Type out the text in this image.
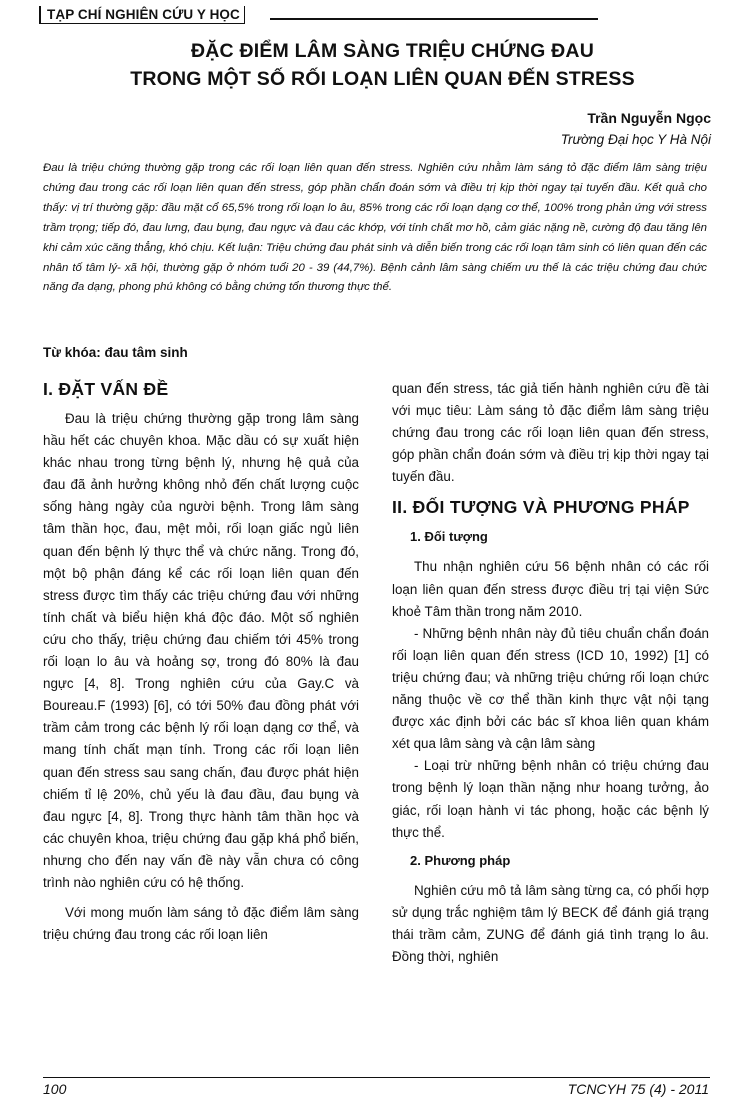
TẠP CHÍ NGHIÊN CỨU Y HỌC
ĐẶC ĐIỂM LÂM SÀNG TRIỆU CHỨNG ĐAU
TRONG MỘT SỐ RỐI LOẠN LIÊN QUAN ĐẾN STRESS
Trần Nguyễn Ngọc
Trường Đại học Y Hà Nội
Đau là triệu chứng thường gặp trong các rối loạn liên quan đến stress. Nghiên cứu nhằm làm sáng tỏ đặc điểm lâm sàng triệu chứng đau trong các rối loạn liên quan đến stress, góp phần chẩn đoán sớm và điều trị kịp thời ngay tại tuyến đầu. Kết quả cho thấy: vị trí thường gặp: đầu mặt cổ 65,5% trong rối loạn lo âu, 85% trong các rối loạn dạng cơ thể, 100% trong phản ứng với stress trầm trọng; tiếp đó, đau lưng, đau bụng, đau ngực và đau các khớp, với tính chất mơ hồ, cảm giác nặng nề, cường độ đau tăng lên khi cảm xúc căng thẳng, khó chịu. Kết luận: Triệu chứng đau phát sinh và diễn biến trong các rối loạn tâm sinh có liên quan đến các nhân tố tâm lý- xã hội, thường gặp ở nhóm tuổi 20 - 39 (44,7%). Bệnh cảnh lâm sàng chiếm ưu thế là các triệu chứng đau chức năng đa dạng, phong phú không có bằng chứng tổn thương thực thể.
Từ khóa: đau tâm sinh
I. ĐẶT VẤN ĐỀ

Đau là triệu chứng thường gặp trong lâm sàng hầu hết các chuyên khoa. Mặc dầu có sự xuất hiện khác nhau trong từng bệnh lý, nhưng hệ quả của đau đã ảnh hưởng không nhỏ đến chất lượng cuộc sống hàng ngày của người bệnh. Trong lâm sàng tâm thần học, đau, mệt mỏi, rối loạn giấc ngủ liên quan đến bệnh lý thực thể và chức năng. Trong đó, một bộ phận đáng kể các rối loạn liên quan đến stress được tìm thấy các triệu chứng đau với những tính chất và biểu hiện khá độc đáo. Một số nghiên cứu cho thấy, triệu chứng đau chiếm tới 45% trong rối loạn lo âu và hoảng sợ, trong đó 80% là đau ngực [4, 8]. Trong nghiên cứu của Gay.C và Boureau.F (1993) [6], có tới 50% đau đồng phát với trầm cảm trong các bệnh lý rối loạn dạng cơ thể, và mang tính chất mạn tính. Trong các rối loạn liên quan đến stress sau sang chấn, đau được phát hiện chiếm tỉ lệ 20%, chủ yếu là đau đầu, đau bụng và đau ngực [4, 8]. Trong thực hành tâm thần học và các chuyên khoa, triệu chứng đau gặp khá phổ biến, nhưng cho đến nay vấn đề này vẫn chưa có công trình nào nghiên cứu có hệ thống.

Với mong muốn làm sáng tỏ đặc điểm lâm sàng triệu chứng đau trong các rối loạn liên

quan đến stress, tác giả tiến hành nghiên cứu đề tài với mục tiêu: Làm sáng tỏ đặc điểm lâm sàng triệu chứng đau trong các rối loạn liên quan đến stress, góp phần chẩn đoán sớm và điều trị kịp thời ngay tại tuyến đầu.

II. ĐỐI TƯỢNG VÀ PHƯƠNG PHÁP
1. Đối tượng

Thu nhận nghiên cứu 56 bệnh nhân có các rối loạn liên quan đến stress được điều trị tại viện Sức khoẻ Tâm thần trong năm 2010.

- Những bệnh nhân này đủ tiêu chuẩn chẩn đoán rối loạn liên quan đến stress (ICD 10, 1992) [1] có triệu chứng đau; và những triệu chứng rối loạn chức năng thuộc về cơ thể thần kinh thực vật nội tạng được xác định bởi các bác sĩ khoa liên quan khám xét qua lâm sàng và cận lâm sàng

- Loại trừ những bệnh nhân có triệu chứng đau trong bệnh lý loạn thần nặng như hoang tưởng, ảo giác, rối loạn hành vi tác phong, hoặc các bệnh lý thực thể.

2. Phương pháp

Nghiên cứu mô tả lâm sàng từng ca, có phối hợp sử dụng trắc nghiệm tâm lý BECK để đánh giá trạng thái trầm cảm, ZUNG để đánh giá tình trạng lo âu. Đồng thời, nghiên

100	TCNCYH 75 (4) - 2011
